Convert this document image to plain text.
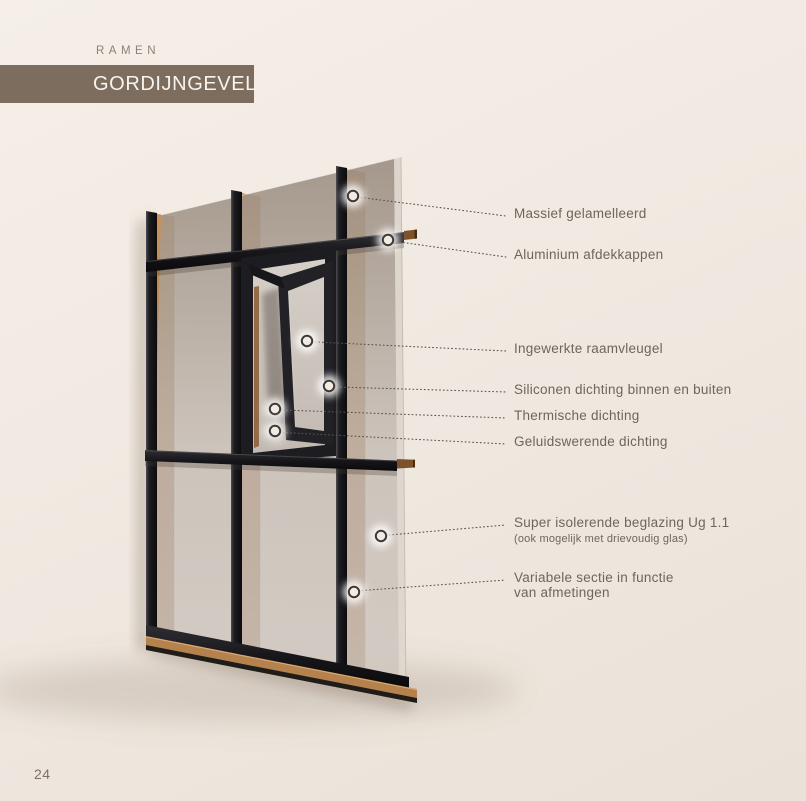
RAMEN
GORDIJNGEVEL
Massief gelamelleerd
Aluminium afdekkappen
Ingewerkte raamvleugel
Siliconen dichting binnen en buiten
Thermische dichting
Geluidswerende dichting
Super isolerende beglazing Ug 1.1
(ook mogelijk met drievoudig glas)
Variabele sectie in functie
van afmetingen
24
